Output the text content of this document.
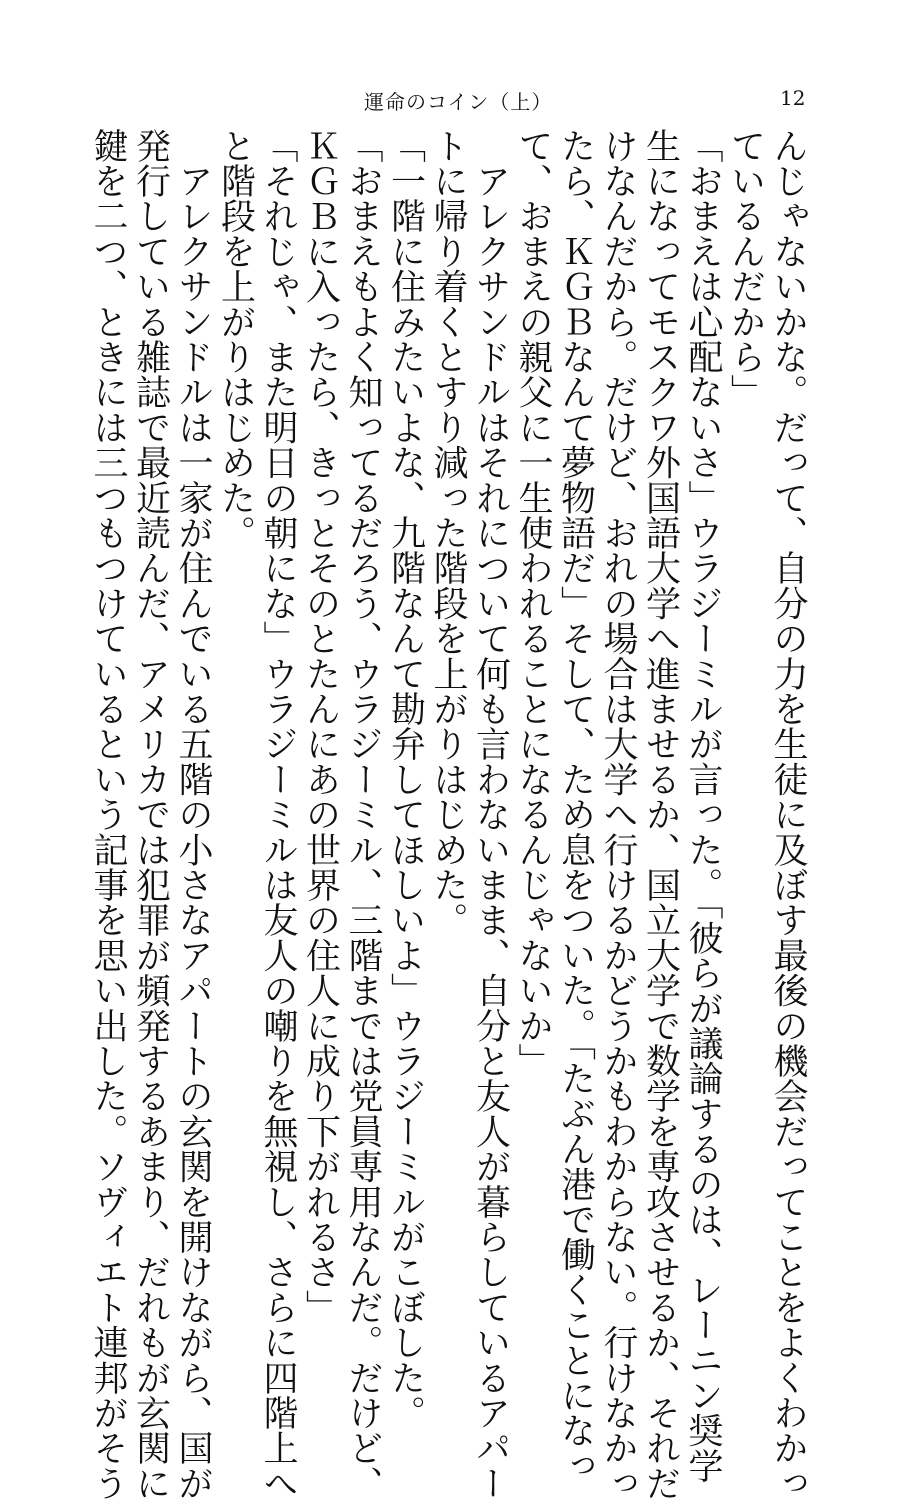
運命のコイン（上）	12
んじゃないかな。だって、自分の力を生徒に及ぼす最後の機会だってことをよくわかっ
ているんだから」
「おまえは心配ないさ」ウラジーミルが言った。「彼らが議論するのは、レーニン奨学
生になってモスクワ外国語大学へ進ませるか、国立大学で数学を専攻させるか、それだ
けなんだから。だけど、おれの場合は大学へ行けるかどうかもわからない。行けなかっ
たら、ＫＧＢなんて夢物語だ」そして、ため息をついた。「たぶん港で働くことになっ
て、おまえの親父に一生使われることになるんじゃないか」
　アレクサンドルはそれについて何も言わないまま、自分と友人が暮らしているアパー
トに帰り着くとすり減った階段を上がりはじめた。
「一階に住みたいよな、九階なんて勘弁してほしいよ」ウラジーミルがこぼした。
「おまえもよく知ってるだろう、ウラジーミル、三階までは党員専用なんだ。だけど、
ＫＧＢに入ったら、きっとそのとたんにあの世界の住人に成り下がれるさ」
「それじゃ、また明日の朝にな」ウラジーミルは友人の嘲りを無視し、さらに四階上へ
と階段を上がりはじめた。
　アレクサンドルは一家が住んでいる五階の小さなアパートの玄関を開けながら、国が
発行している雑誌で最近読んだ、アメリカでは犯罪が頻発するあまり、だれもが玄関に
鍵を二つ、ときには三つもつけているという記事を思い出した。ソヴィエト連邦がそう
